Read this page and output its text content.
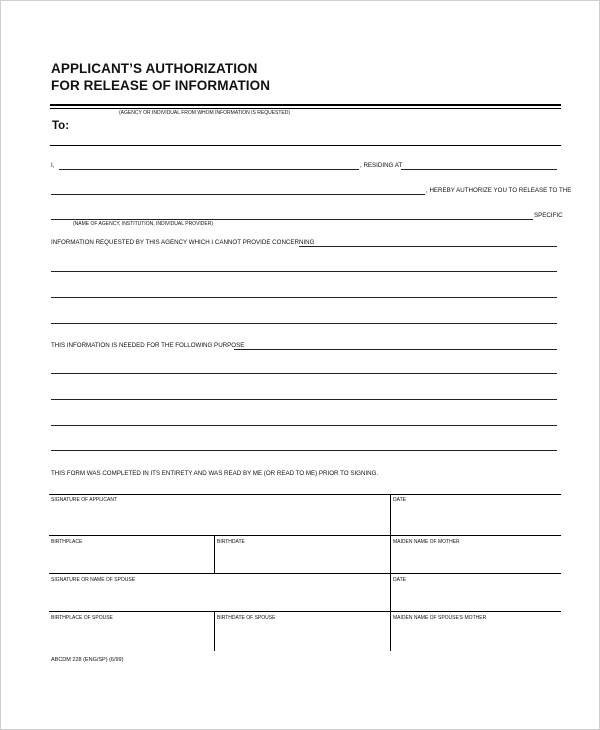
APPLICANT’S AUTHORIZATION
FOR RELEASE OF INFORMATION
(AGENCY OR INDIVIDUAL FROM WHOM INFORMATION IS REQUESTED)
To:
I,	, RESIDING AT
, HEREBY AUTHORIZE YOU TO RELEASE TO THE
SPECIFIC
(NAME OF AGENCY, INSTITUTION, INDIVIDUAL PROVIDER)
INFORMATION REQUESTED BY THIS AGENCY WHICH I CANNOT PROVIDE CONCERNING
THIS INFORMATION IS NEEDED FOR THE FOLLOWING PURPOSE
THIS FORM WAS COMPLETED IN ITS ENTIRETY AND WAS READ BY ME (OR READ TO ME) PRIOR TO SIGNING.
SIGNATURE OF APPLICANT	DATE
BIRTHPLACE	BIRTHDATE	MAIDEN NAME OF MOTHER
SIGNATURE OR NAME OF SPOUSE	DATE
BIRTHPLACE OF SPOUSE	BIRTHDATE OF SPOUSE	MAIDEN NAME OF SPOUSE'S MOTHER
ABCDM 228 (ENG/SP) (6/99)
